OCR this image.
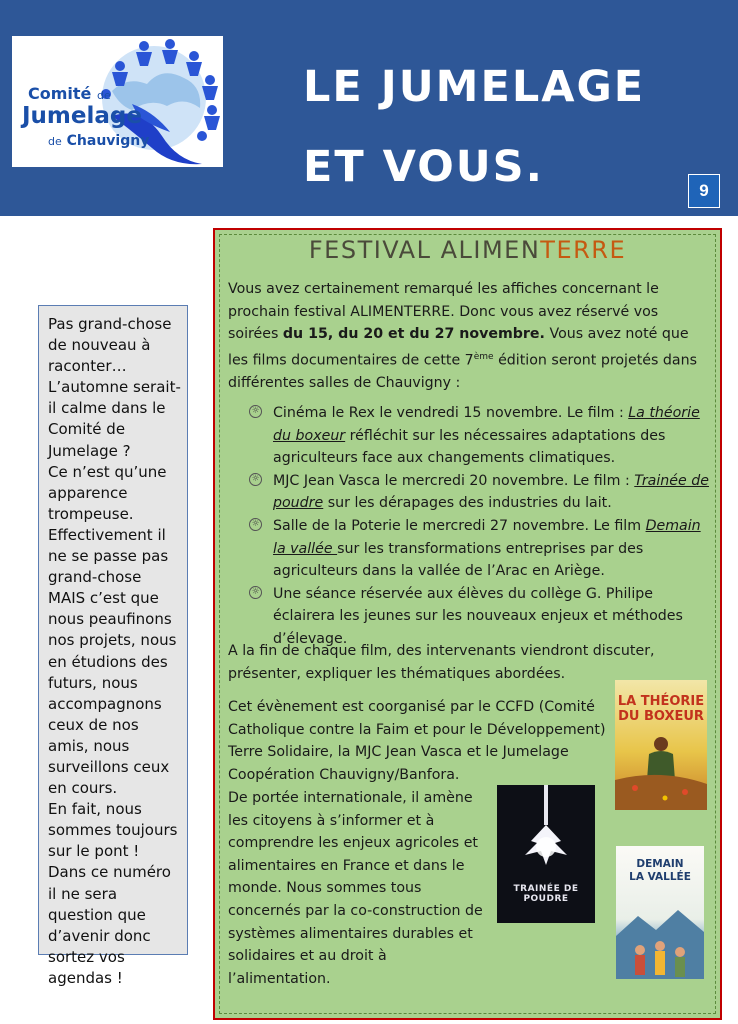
Comité de
Jumelage
de Chauvigny
LE JUMELAGE
ET VOUS.	9

Pas grand-chose de nouveau à raconter…
L’automne serait-il calme dans le Comité de Jumelage ?
Ce n’est qu’une apparence trompeuse. Effectivement il ne se passe pas grand-chose MAIS c’est que nous peaufinons nos projets, nous en étudions des futurs, nous accompagnons ceux de nos amis, nous surveillons ceux en cours.
En fait, nous sommes toujours sur le pont !
Dans ce numéro il ne sera question que d’avenir donc sortez vos agendas !

FESTIVAL ALIMENTERRE
Vous avez certainement remarqué les affiches concernant le prochain festival ALIMENTERRE. Donc vous avez réservé vos soirées du 15, du 20 et du 27 novembre. Vous avez noté que les films documentaires de cette 7ème édition seront projetés dans différentes salles de Chauvigny :
☼ Cinéma le Rex le vendredi 15 novembre. Le film : La théorie du boxeur réfléchit sur les nécessaires adaptations des agriculteurs face aux changements climatiques.
☼ MJC Jean Vasca le mercredi 20 novembre. Le film : Trainée de poudre sur les dérapages des industries du lait.
☼ Salle de la Poterie le mercredi 27 novembre. Le film Demain la vallée sur les transformations entreprises par des agriculteurs dans la vallée de l’Arac en Ariège.
☼ Une séance réservée aux élèves du collège G. Philipe éclairera les jeunes sur les nouveaux enjeux et méthodes d’élevage.
A la fin de chaque film, des intervenants viendront discuter, présenter, expliquer les thématiques abordées.
Cet évènement est coorganisé par le CCFD (Comité Catholique contre la Faim et pour le Développement) Terre Solidaire, la MJC Jean Vasca et le Jumelage Coopération Chauvigny/Banfora.
De portée internationale, il amène les citoyens à s’informer et à comprendre les enjeux agricoles et alimentaires en France et dans le monde. Nous sommes tous concernés par la co-construction de systèmes alimentaires durables et solidaires et au droit à l’alimentation.
LA THÉORIE
DU BOXEUR
TRAINÉE DE POUDRE
DEMAIN
LA VALLÉE
